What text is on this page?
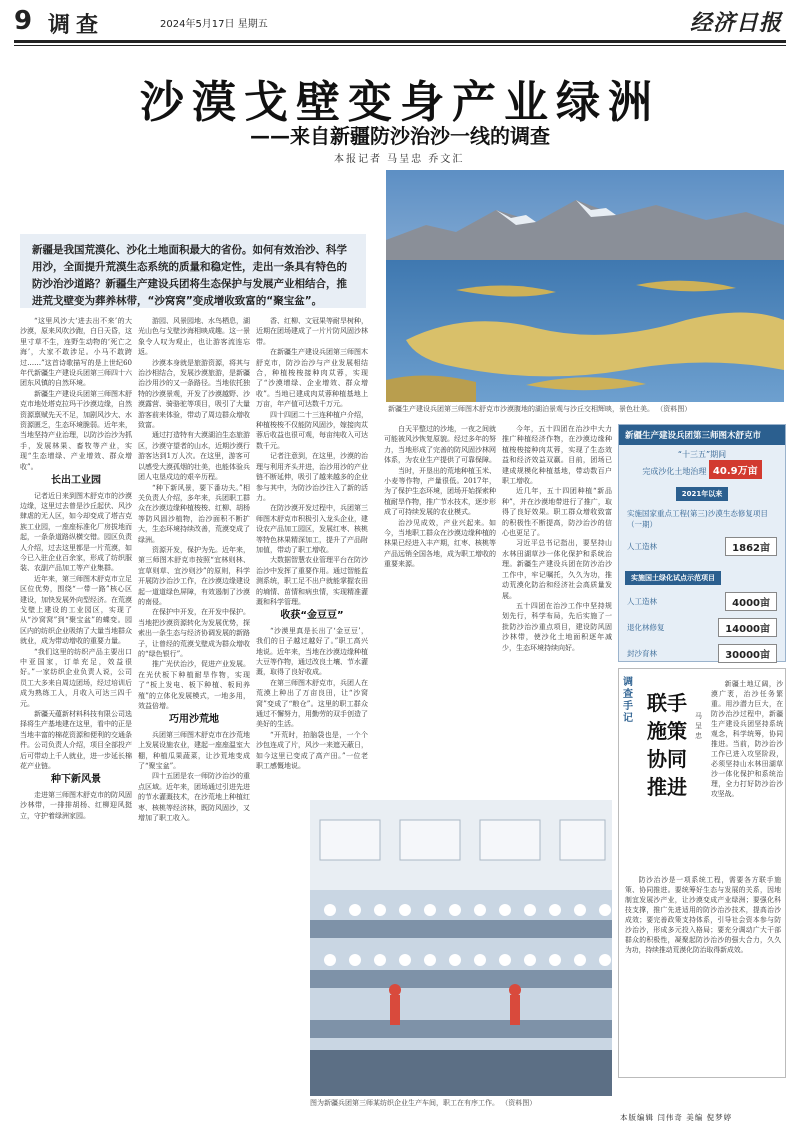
9 调查	2024年5月17日 星期五	经济日报
沙漠戈壁变身产业绿洲
——来自新疆防沙治沙一线的调查
本报记者 马呈忠 乔文汇
新疆是我国荒漠化、沙化土地面积最大的省份。如何有效治沙、科学用沙，全面提升荒漠生态系统的质量和稳定性，走出一条具有特色的防沙治沙道路？新疆生产建设兵团将生态保护与发展产业相结合，推进荒戈壁变为葬养林带，“沙窝窝”变成增收致富的“聚宝盆”。
新疆生产建设兵团第三师图木舒克市沙漠腹地的湖泊景观与沙丘交相辉映，景色壮美。 （资料图）

“这里风沙大‘进去出不来’的大沙漠，原来风吹沙跑，白日天昏，这里寸草不生，连野生动物的‘死亡之海’，大家不敢涉足。小马不敢跨过……”这首诗歌描写的是上世纪60年代新疆生产建设兵团第三师四十六团东风镇的自然环境。

新疆生产建设兵团第三师图木舒克市地处塔克拉玛干沙漠边缘，自然资源禀赋先天不足，加剧风沙大、水资源匮乏，生态环境脆弱。近年来，当地坚持产业治理，以防沙治沙为抓手，发展林果、畜牧等产业，实现“生态增绿、产业增效、群众增收”。

长出工业园

记者近日来到图木舒克市的沙漠边缘，这里过去曾是沙丘起伏、风沙肆虐的无人区，如今却变成了塔吉克族工业园，一座座标准化厂房拔地而起，一条条道路纵横交错。园区负责人介绍，过去这里都是一片荒漠，如今已入驻企业百余家，形成了纺织服装、农副产品加工等产业集群。

近年来，第三师图木舒克市立足区位优势，围绕“一带一路”核心区建设，加快发展外向型经济。在荒漠戈壁上建设的工业园区，实现了从“沙窝窝”到“聚宝盆”的蝶变。园区内的纺织企业吸纳了大量当地群众就业，成为带动增收的重要力量。

“我们这里的纺织产品主要出口中亚国家，订单充足，效益很好。”一家纺织企业负责人说，公司员工大多来自周边团场，经过培训后成为熟练工人，月收入可达三四千元。

新疆天蕴新材料科技有限公司选择将生产基地建在这里，看中的正是当地丰富的棉花资源和便利的交通条件。公司负责人介绍，项目全部投产后可带动上千人就业，进一步延长棉花产业链。

种下新风景

走进第三师图木舒克市的防风固沙林带，一排排胡杨、红柳迎风挺立，守护着绿洲家园。

游园、风景园地、水鸟栖息，湖光山色与戈壁沙海相映成趣。这一景象令人叹为观止，也让游客流连忘返。

沙漠本身就是旅游资源，将其与治沙相结合，发展沙漠旅游，是新疆治沙用沙的又一条路径。当地依托独特的沙漠景观，开发了沙漠越野、沙漠露营、骑骆驼等项目，吸引了大量游客前来体验，带动了周边群众增收致富。

通过打造特有大漠湖泊生态旅游区，沙漠守望者的山水，近期沙漠行游客达到1万人次。在这里，游客可以感受大漠孤烟的壮美，也能体验兵团人屯垦戍边的艰辛历程。

“种下新风景，要下番功夫。”相关负责人介绍，多年来，兵团职工群众在沙漠边缘种植梭梭、红柳、胡杨等防风固沙植物，治沙面积不断扩大，生态环境持续改善，荒漠变成了绿洲。

资源开发，保护为先。近年来，第三师图木舒克市按照“宜林则林、宜草则草、宜沙则沙”的原则，科学开展防沙治沙工作，在沙漠边缘建设起一道道绿色屏障，有效遏制了沙漠的南侵。

在保护中开发，在开发中保护。当地把沙漠资源转化为发展优势，探索出一条生态与经济协调发展的新路子，让曾经的荒漠戈壁成为群众增收的“绿色银行”。

推广光伏治沙，促进产业发展。在光伏板下种植耐旱作物，实现了“板上发电、板下种植、板间养殖”的立体化发展模式，一地多用，效益倍增。

巧用沙荒地

兵团第三师图木舒克市在沙荒地上发展设施农业，建起一座座温室大棚，种植瓜果蔬菜，让沙荒地变成了“聚宝盆”。

四十五团是农一师防沙治沙的重点区域。近年来，团场通过引进先进的节水灌溉技术，在沙荒地上种植红枣、核桃等经济林，既防风固沙，又增加了职工收入。

香、红柳、文冠果等耐旱树种，近期在团场建成了一片片防风固沙林带。

在新疆生产建设兵团第三师图木舒克市，防沙治沙与产业发展相结合，种植梭梭接种肉苁蓉，实现了“沙漠增绿、企业增效、群众增收”。当地已建成肉苁蓉种植基地上万亩，年产值可达数千万元。

四十四团二十三连种植户介绍，种植梭梭不仅能防风固沙，嫁接肉苁蓉后收益也很可观，每亩纯收入可达数千元。

记者注意到，在这里，沙漠的治理与利用齐头并进，治沙用沙的产业链不断延伸，吸引了越来越多的企业参与其中，为防沙治沙注入了新的活力。

在防沙漠开发过程中，兵团第三师图木舒克市积极引入龙头企业，建设农产品加工园区，发展红枣、核桃等特色林果精深加工，提升了产品附加值，带动了职工增收。

大数据智慧农业管理平台在防沙治沙中发挥了重要作用。通过智能监测系统，职工足不出户就能掌握农田的墒情、苗情和病虫情，实现精准灌溉和科学管理。

收获“金豆豆”

“沙漠里真是长出了‘金豆豆’，我们的日子越过越好了。”职工高兴地说。近年来，当地在沙漠边缘种植大豆等作物，通过改良土壤、节水灌溉，取得了良好收成。

在第三师图木舒克市，兵团人在荒漠上种出了万亩良田，让“沙窝窝”变成了“粮仓”。这里的职工群众通过不懈努力，用勤劳的双手创造了美好的生活。

“开荒时，拍脑袋也是，一个个沙包连成了片，风沙一来遮天蔽日，如今这里已变成了高产田。”一位老职工感慨地说。

白天平整过的沙地，一夜之间就可能被风沙恢复原貌。经过多年的努力，当地形成了完善的防风固沙林网体系，为农业生产提供了可靠保障。

当时，开垦出的荒地种植玉米、小麦等作物，产量很低。2017年，为了保护生态环境，团场开始探索种植耐旱作物，推广节水技术，逐步形成了可持续发展的农业模式。

治沙见成效，产业兴起来。如今，当地职工群众在沙漠边缘种植的林果已经进入丰产期，红枣、核桃等产品远销全国各地，成为职工增收的重要来源。

今年，五十四团在治沙中大力推广种植经济作物，在沙漠边缘种植梭梭接种肉苁蓉，实现了生态效益和经济效益双赢。目前，团场已建成规模化种植基地，带动数百户职工增收。

近几年，五十四团种植“新品种”，并在沙漠地带进行了推广，取得了良好效果。职工群众增收致富的积极性不断提高，防沙治沙的信心也更足了。

习近平总书记指出，要坚持山水林田湖草沙一体化保护和系统治理。新疆生产建设兵团在防沙治沙工作中，牢记嘱托，久久为功，推动荒漠化防治和经济社会高质量发展。

五十四团在治沙工作中坚持规划先行，科学布局，先后实施了一批防沙治沙重点项目，建设防风固沙林带，使沙化土地面积逐年减少，生态环境持续向好。

新疆生产建设兵团第三师图木舒克市
“十三五”期间
完成沙化土地治理 40.9万亩
2021年以来
实施国家重点工程(第三)沙漠生态修复项目（一期）
人工造林	1862亩
实施国土绿化试点示范项目
人工造林	4000亩
退化林修复	14000亩
封沙育林	30000亩
调查手记
联手施策 协同推进
马呈忠

新疆土地辽阔，沙漠广袤，治沙任务繁重。用沙潜力巨大，在防沙治沙过程中，新疆生产建设兵团坚持系统观念，科学统筹，协同推进。当前，防沙治沙工作已进入攻坚阶段，必须坚持山水林田湖草沙一体化保护和系统治理，全力打好防沙治沙攻坚战。

防沙治沙是一项系统工程，需要各方联手施策、协同推进。要统筹好生态与发展的关系，因地制宜发展沙产业，让沙漠变成产业绿洲；要强化科技支撑，推广先进适用的防沙治沙技术，提高治沙成效；要完善政策支持体系，引导社会资本参与防沙治沙，形成多元投入格局；要充分调动广大干部群众的积极性，凝聚起防沙治沙的强大合力，久久为功，持续推动荒漠化防治取得新成效。

图为新疆兵团第三师某纺织企业生产车间，职工在有序工作。 （资料图）
本版编辑 闫伟奇 美编 倪梦婷
